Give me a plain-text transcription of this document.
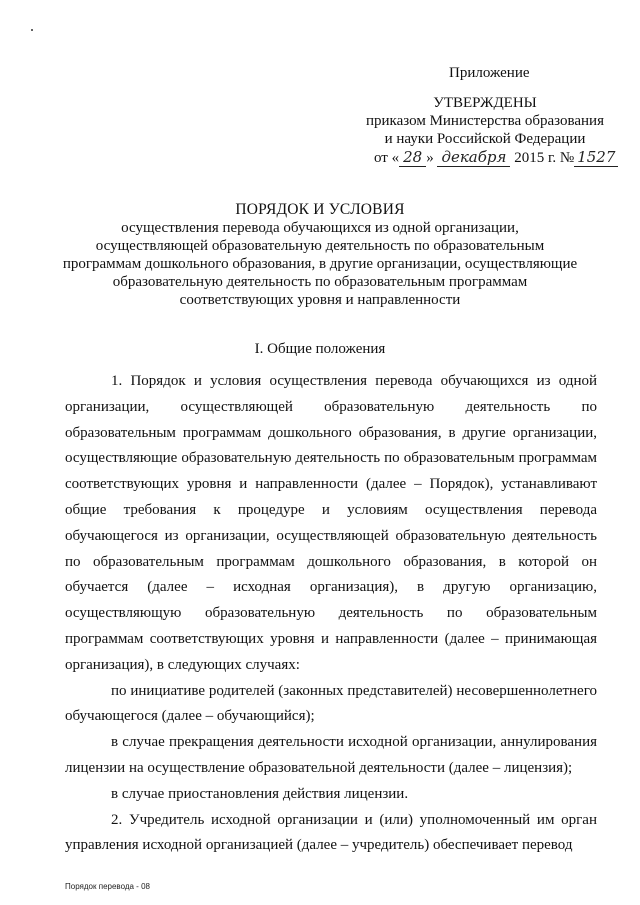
Приложение
УТВЕРЖДЕНЫ
приказом Министерства образования
и науки Российской Федерации
от « 28 » декабря 2015 г. № 1527
ПОРЯДОК И УСЛОВИЯ
осуществления перевода обучающихся из одной организации,
осуществляющей образовательную деятельность по образовательным
программам дошкольного образования, в другие организации, осуществляющие
образовательную деятельность по образовательным программам
соответствующих уровня и направленности
I. Общие положения

1. Порядок и условия осуществления перевода обучающихся из одной организации, осуществляющей образовательную деятельность по образовательным программам дошкольного образования, в другие организации, осуществляющие образовательную деятельность по образовательным программам соответствующих уровня и направленности (далее – Порядок), устанавливают общие требования к процедуре и условиям осуществления перевода обучающегося из организации, осуществляющей образовательную деятельность по образовательным программам дошкольного образования, в которой он обучается (далее – исходная организация), в другую организацию, осуществляющую образовательную деятельность по образовательным программам соответствующих уровня и направленности (далее – принимающая организация), в следующих случаях:

по инициативе родителей (законных представителей) несовершеннолетнего обучающегося (далее – обучающийся);

в случае прекращения деятельности исходной организации, аннулирования лицензии на осуществление образовательной деятельности (далее – лицензия);

в случае приостановления действия лицензии.

2. Учредитель исходной организации и (или) уполномоченный им орган управления исходной организацией (далее – учредитель) обеспечивает перевод

Порядок перевода - 08
